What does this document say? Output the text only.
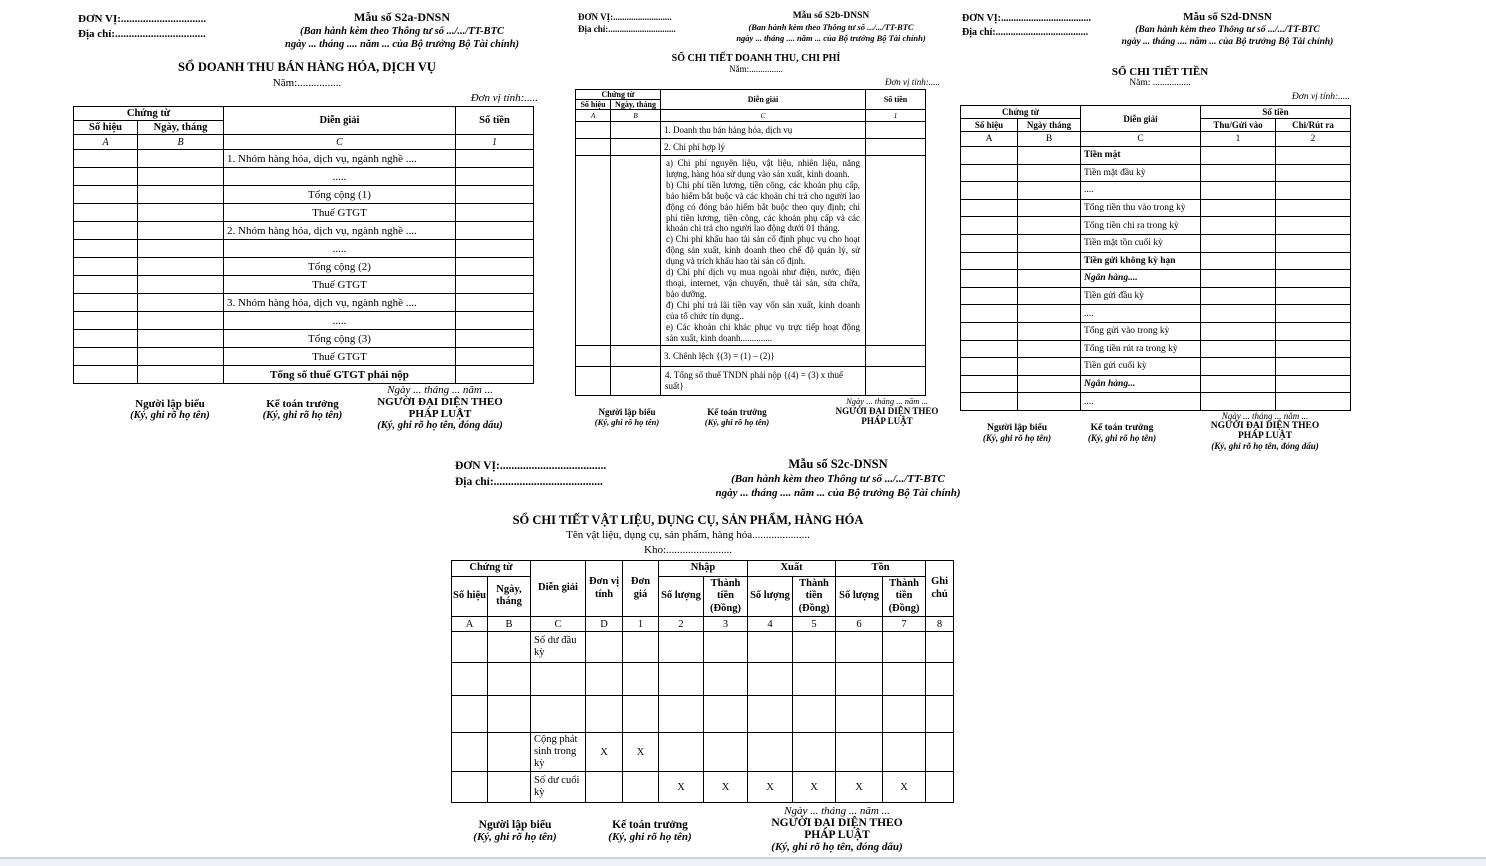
ĐƠN VỊ:...............................
Địa chỉ:.................................
Mẫu số S2a-DNSN
(Ban hành kèm theo Thông tư số .../.../TT-BTC
ngày ... tháng .... năm ... của Bộ trưởng Bộ Tài chính)
SỔ DOANH THU BÁN HÀNG HÓA, DỊCH VỤ
Năm:................
Đơn vị tính:.....
Chứng từ		Diễn giải	Số tiền
Số hiệu	Ngày, tháng		
A	B	C	1
		1. Nhóm hàng hóa, dịch vụ, ngành nghề ....	
		.....	
		Tổng cộng (1)	
		Thuế GTGT	
		2. Nhóm hàng hóa, dịch vụ, ngành nghề ....	
		.....	
		Tổng cộng (2)	
		Thuế GTGT	
		3. Nhóm hàng hóa, dịch vụ, ngành nghề ....	
		.....	
		Tổng cộng (3)	
		Thuế GTGT	
		Tổng số thuế GTGT phải nộp	
Người lập biểu
(Ký, ghi rõ họ tên)
Kế toán trưởng
(Ký, ghi rõ họ tên)
Ngày ... tháng ... năm ...
NGƯỜI ĐẠI DIỆN THEO
PHÁP LUẬT
(Ký, ghi rõ họ tên, đóng dấu)
ĐƠN VỊ:..........................
Địa chỉ:..............................
Mẫu số S2b-DNSN
(Ban hành kèm theo Thông tư số .../.../TT-BTC
ngày ... tháng .... năm ... của Bộ trưởng Bộ Tài chính)
SỔ CHI TIẾT DOANH THU, CHI PHÍ
Năm:...............
Đơn vị tính:.....
Chứng từ		Diễn giải	Số tiền
Số hiệu	Ngày, tháng		
A	B	C	1
		1. Doanh thu bán hàng hóa, dịch vụ	
		2. Chi phí hợp lý	

a) Chi phí nguyên liệu, vật liệu, nhiên liệu, năng lượng, hàng hóa sử dụng vào sản xuất, kinh doanh.
b) Chi phí tiền lương, tiền công, các khoản phụ cấp, bảo hiểm bắt buộc và các khoản chi trả cho người lao động có đóng bảo hiểm bắt buộc theo quy định; chi phí tiền lương, tiền công, các khoản phụ cấp và các khoản chi trả cho người lao động dưới 01 tháng.
c) Chi phí khấu hao tài sản cố định phục vụ cho hoạt động sản xuất, kinh doanh theo chế độ quản lý, sử dụng và trích khấu hao tài sản cố định.
d) Chi phí dịch vụ mua ngoài như điện, nước, điện thoại, internet, vận chuyển, thuê tài sản, sửa chữa, bảo dưỡng.
đ) Chi phí trả lãi tiền vay vốn sản xuất, kinh doanh của tổ chức tín dụng..
e) Các khoản chi khác phục vụ trực tiếp hoạt động sản xuất, kinh doanh..............

		3. Chênh lệch {(3) = (1) – (2)}	
		4. Tổng số thuế TNDN phải nộp {(4) = (3) x thuế suất}	
Người lập biểu
(Ký, ghi rõ họ tên)
Kế toán trưởng
(Ký, ghi rõ họ tên)
Ngày ... tháng ... năm ...
NGƯỜI ĐẠI DIỆN THEO
PHÁP LUẬT
ĐƠN VỊ:....................................
Địa chỉ:.....................................
Mẫu số S2d-DNSN
(Ban hành kèm theo Thông tư số .../.../TT-BTC
ngày ... tháng .... năm ... của Bộ trưởng Bộ Tài chính)
SỔ CHI TIẾT TIỀN
Năm: ................
Đơn vị tính:.....
Chứng từ		Diễn giải	Số tiền	
Số hiệu	Ngày tháng		Thu/Gửi vào	Chi/Rút ra
A	B	C	1	2
		Tiền mặt		
		Tiền mặt đầu kỳ		
		....		
		Tổng tiền thu vào trong kỳ		
		Tổng tiền chi ra trong kỳ		
		Tiền mặt tồn cuối kỳ		
		Tiền gửi không kỳ hạn		
		Ngân hàng....		
		Tiền gửi đầu kỳ		
		....		
		Tổng gửi vào trong kỳ		
		Tổng tiền rút ra trong kỳ		
		Tiền gửi cuối kỳ		
		Ngân hàng...		
		....		
Người lập biểu
(Ký, ghi rõ họ tên)
Kế toán trưởng
(Ký, ghi rõ họ tên)
Ngày ... tháng ... năm ...
NGƯỜI ĐẠI DIỆN THEO
PHÁP LUẬT
(Ký, ghi rõ họ tên, đóng dấu)
ĐƠN VỊ:.....................................
Địa chỉ:......................................
Mẫu số S2c-DNSN
(Ban hành kèm theo Thông tư số .../.../TT-BTC
ngày ... tháng .... năm ... của Bộ trưởng Bộ Tài chính)
SỔ CHI TIẾT VẬT LIỆU, DỤNG CỤ, SẢN PHẨM, HÀNG HÓA
Tên vật liệu, dụng cụ, sản phẩm, hàng hóa.....................
Kho:........................
Chứng từ		Diễn giải	Đơn vị tính	Đơn giá	Nhập		Xuất		Tồn		Ghi chú
Số hiệu	Ngày, tháng				Số lượng	Thành tiền (Đồng)	Số lượng	Thành tiền (Đồng)	Số lượng	Thành tiền (Đồng)	
A	B	C	D	1	2	3	4	5	6	7	8
		Số dư đầu kỳ									

		Cộng phát sinh trong kỳ	X	X							
		Số dư cuối kỳ			X	X	X	X	X	X	
Người lập biểu
(Ký, ghi rõ họ tên)
Kế toán trưởng
(Ký, ghi rõ họ tên)
Ngày ... tháng ... năm ...
NGƯỜI ĐẠI DIỆN THEO
PHÁP LUẬT
(Ký, ghi rõ họ tên, đóng dấu)
